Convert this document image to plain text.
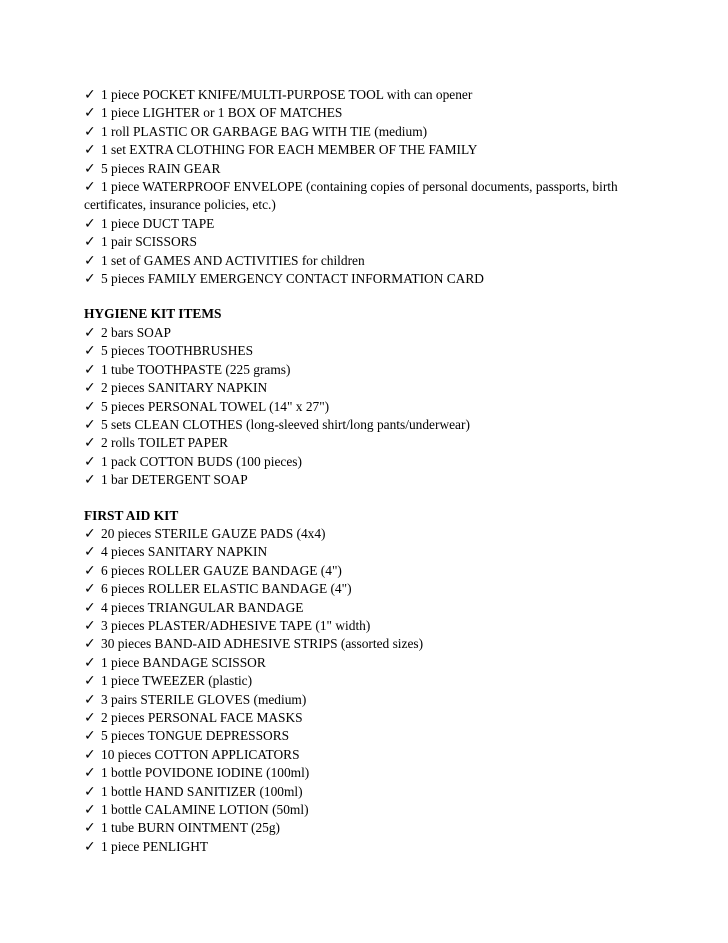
✓ 1 piece POCKET KNIFE/MULTI-PURPOSE TOOL with can opener
✓ 1 piece LIGHTER or 1 BOX OF MATCHES
✓ 1 roll PLASTIC OR GARBAGE BAG WITH TIE (medium)
✓ 1 set EXTRA CLOTHING FOR EACH MEMBER OF THE FAMILY
✓ 5 pieces RAIN GEAR
✓ 1 piece WATERPROOF ENVELOPE (containing copies of personal documents, passports, birth certificates, insurance policies, etc.)
✓ 1 piece DUCT TAPE
✓ 1 pair SCISSORS
✓ 1 set of GAMES AND ACTIVITIES for children
✓ 5 pieces FAMILY EMERGENCY CONTACT INFORMATION CARD
HYGIENE KIT ITEMS
✓ 2 bars SOAP
✓ 5 pieces TOOTHBRUSHES
✓ 1 tube TOOTHPASTE (225 grams)
✓ 2 pieces SANITARY NAPKIN
✓ 5 pieces PERSONAL TOWEL (14" x 27")
✓ 5 sets CLEAN CLOTHES (long-sleeved shirt/long pants/underwear)
✓ 2 rolls TOILET PAPER
✓ 1 pack COTTON BUDS (100 pieces)
✓ 1 bar DETERGENT SOAP
FIRST AID KIT
✓ 20 pieces STERILE GAUZE PADS (4x4)
✓ 4 pieces SANITARY NAPKIN
✓ 6 pieces ROLLER GAUZE BANDAGE (4")
✓ 6 pieces ROLLER ELASTIC BANDAGE (4")
✓ 4 pieces TRIANGULAR BANDAGE
✓ 3 pieces PLASTER/ADHESIVE TAPE (1" width)
✓ 30 pieces BAND-AID ADHESIVE STRIPS (assorted sizes)
✓ 1 piece BANDAGE SCISSOR
✓ 1 piece TWEEZER (plastic)
✓ 3 pairs STERILE GLOVES (medium)
✓ 2 pieces PERSONAL FACE MASKS
✓ 5 pieces TONGUE DEPRESSORS
✓ 10 pieces COTTON APPLICATORS
✓ 1 bottle POVIDONE IODINE (100ml)
✓ 1 bottle HAND SANITIZER (100ml)
✓ 1 bottle CALAMINE LOTION (50ml)
✓ 1 tube BURN OINTMENT (25g)
✓ 1 piece PENLIGHT
